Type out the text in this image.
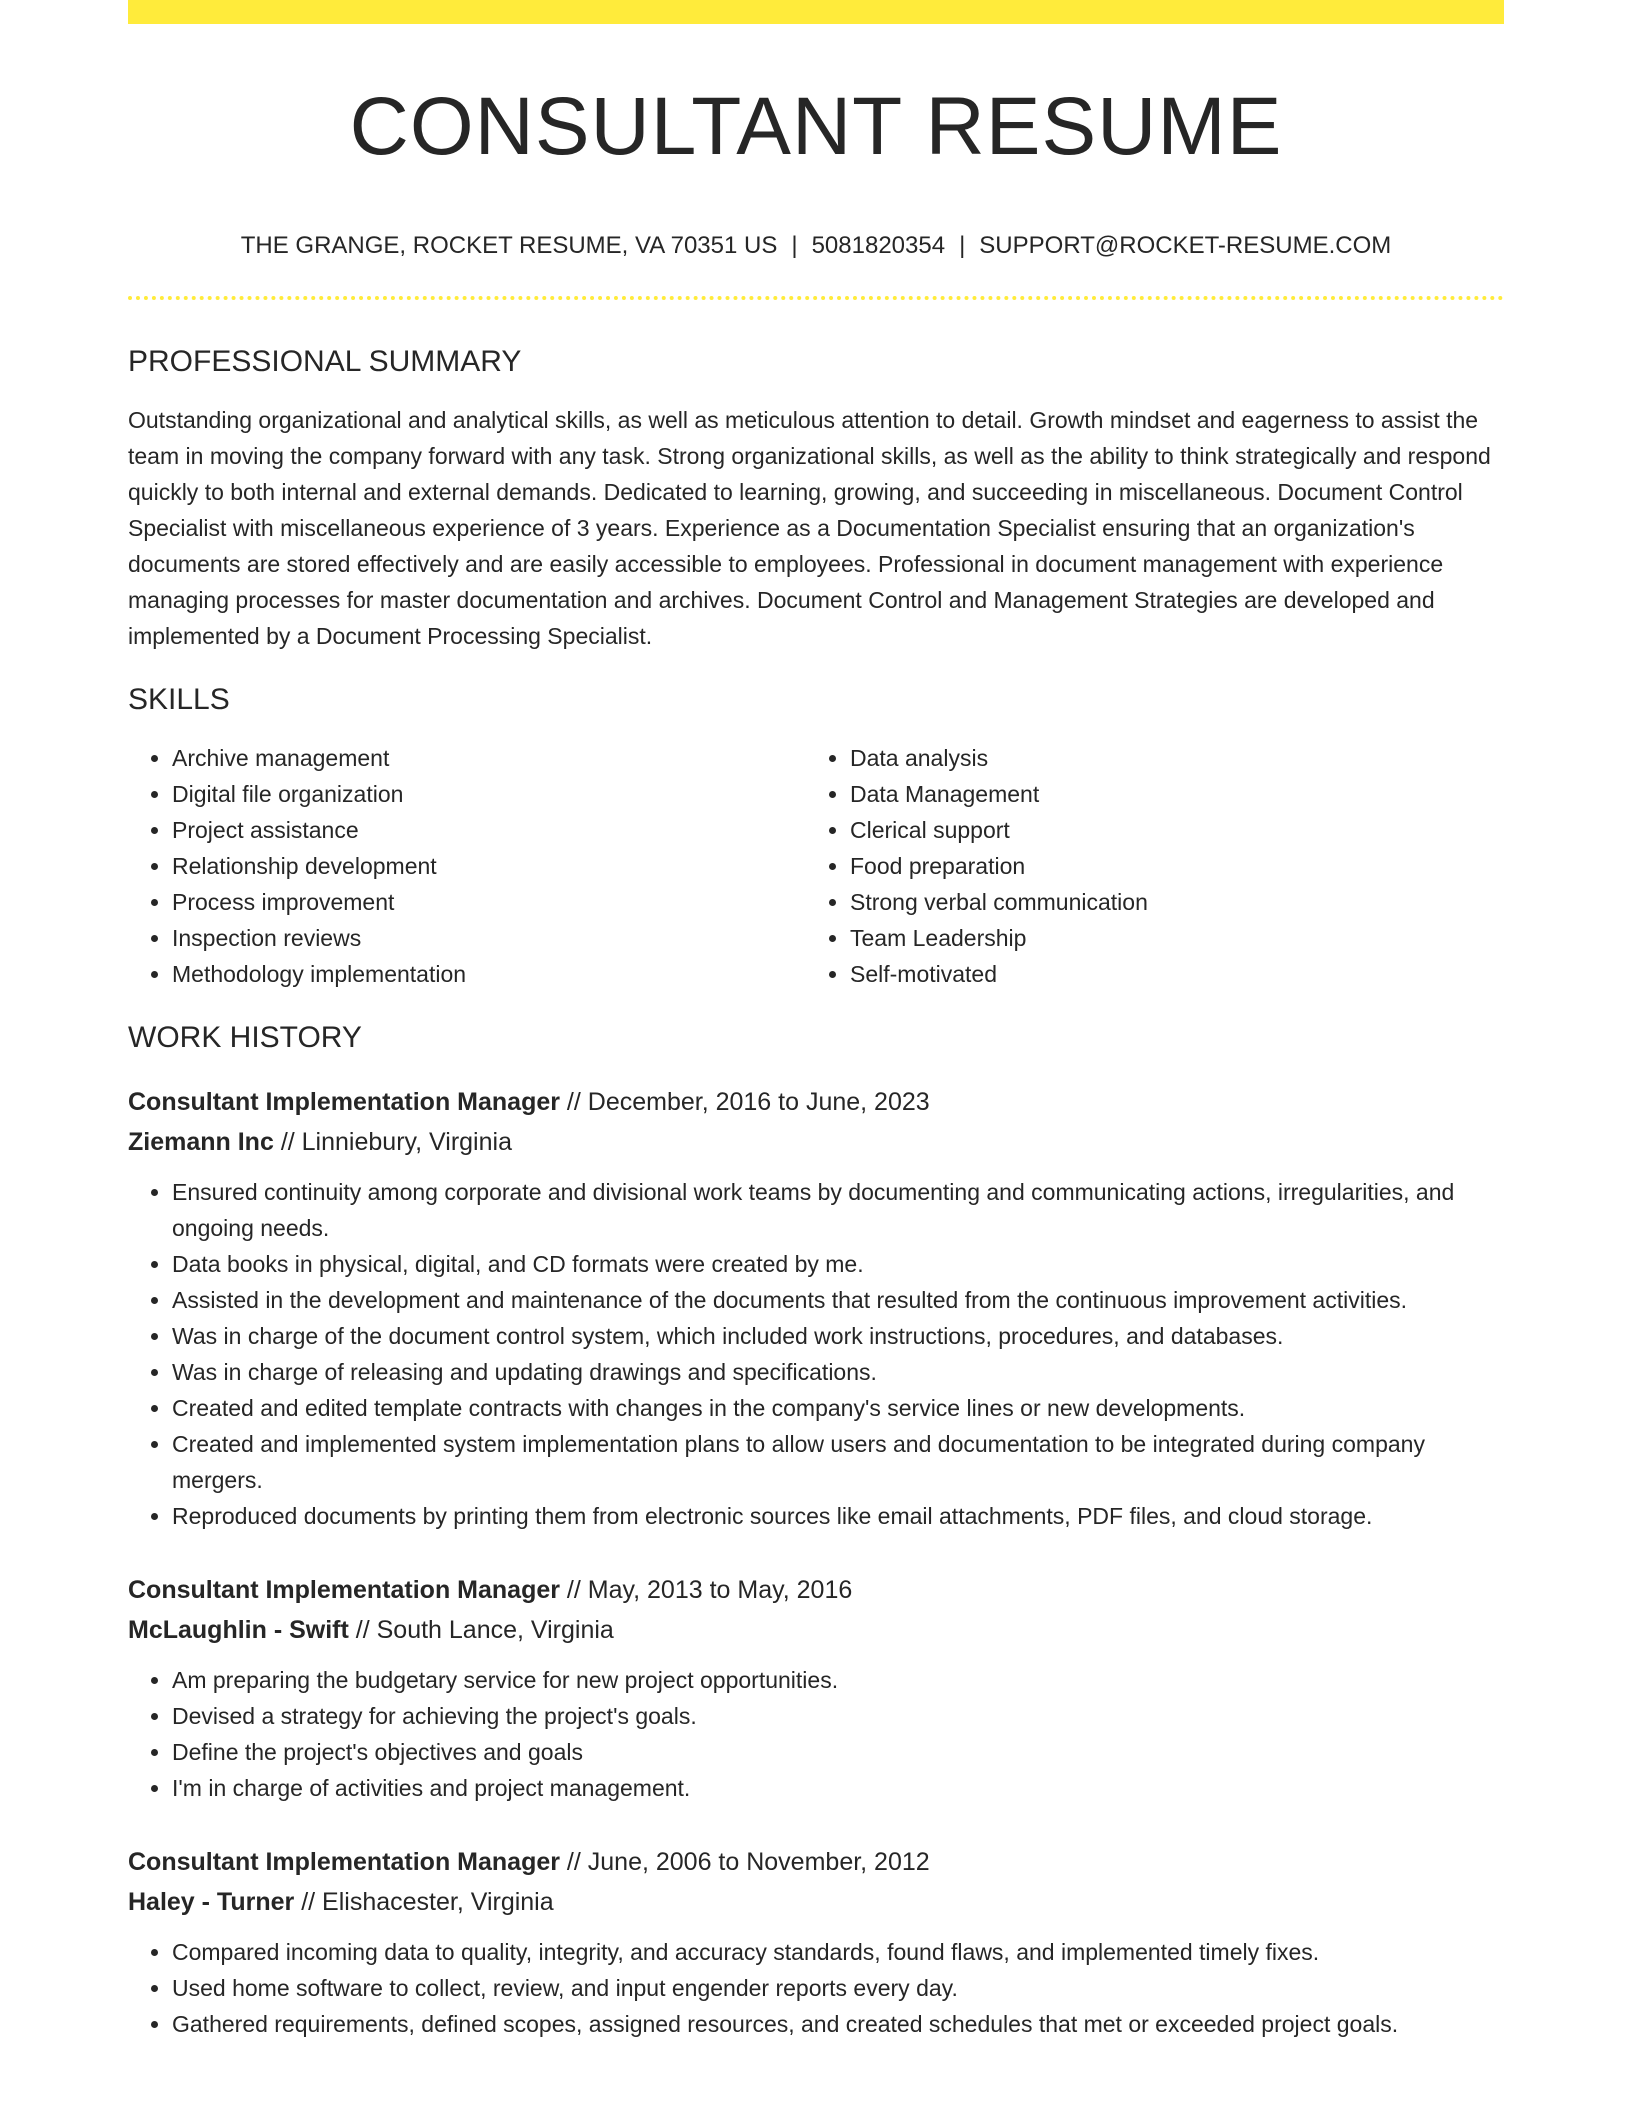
CONSULTANT RESUME
THE GRANGE, ROCKET RESUME, VA 70351 US | 5081820354 | SUPPORT@ROCKET-RESUME.COM
PROFESSIONAL SUMMARY

Outstanding organizational and analytical skills, as well as meticulous attention to detail. Growth mindset and eagerness to assist the team in moving the company forward with any task. Strong organizational skills, as well as the ability to think strategically and respond quickly to both internal and external demands. Dedicated to learning, growing, and succeeding in miscellaneous. Document Control Specialist with miscellaneous experience of 3 years. Experience as a Documentation Specialist ensuring that an organization's documents are stored effectively and are easily accessible to employees. Professional in document management with experience managing processes for master documentation and archives. Document Control and Management Strategies are developed and implemented by a Document Processing Specialist.

SKILLS
• Archive management
• Digital file organization
• Project assistance
• Relationship development
• Process improvement
• Inspection reviews
• Methodology implementation
• Data analysis
• Data Management
• Clerical support
• Food preparation
• Strong verbal communication
• Team Leadership
• Self-motivated
WORK HISTORY
Consultant Implementation Manager // December, 2016 to June, 2023
Ziemann Inc // Linniebury, Virginia
• Ensured continuity among corporate and divisional work teams by documenting and communicating actions, irregularities, and ongoing needs.
• Data books in physical, digital, and CD formats were created by me.
• Assisted in the development and maintenance of the documents that resulted from the continuous improvement activities.
• Was in charge of the document control system, which included work instructions, procedures, and databases.
• Was in charge of releasing and updating drawings and specifications.
• Created and edited template contracts with changes in the company's service lines or new developments.
• Created and implemented system implementation plans to allow users and documentation to be integrated during company mergers.
• Reproduced documents by printing them from electronic sources like email attachments, PDF files, and cloud storage.
Consultant Implementation Manager // May, 2013 to May, 2016
McLaughlin - Swift // South Lance, Virginia
• Am preparing the budgetary service for new project opportunities.
• Devised a strategy for achieving the project's goals.
• Define the project's objectives and goals
• I'm in charge of activities and project management.
Consultant Implementation Manager // June, 2006 to November, 2012
Haley - Turner // Elishacester, Virginia
• Compared incoming data to quality, integrity, and accuracy standards, found flaws, and implemented timely fixes.
• Used home software to collect, review, and input engender reports every day.
• Gathered requirements, defined scopes, assigned resources, and created schedules that met or exceeded project goals.
